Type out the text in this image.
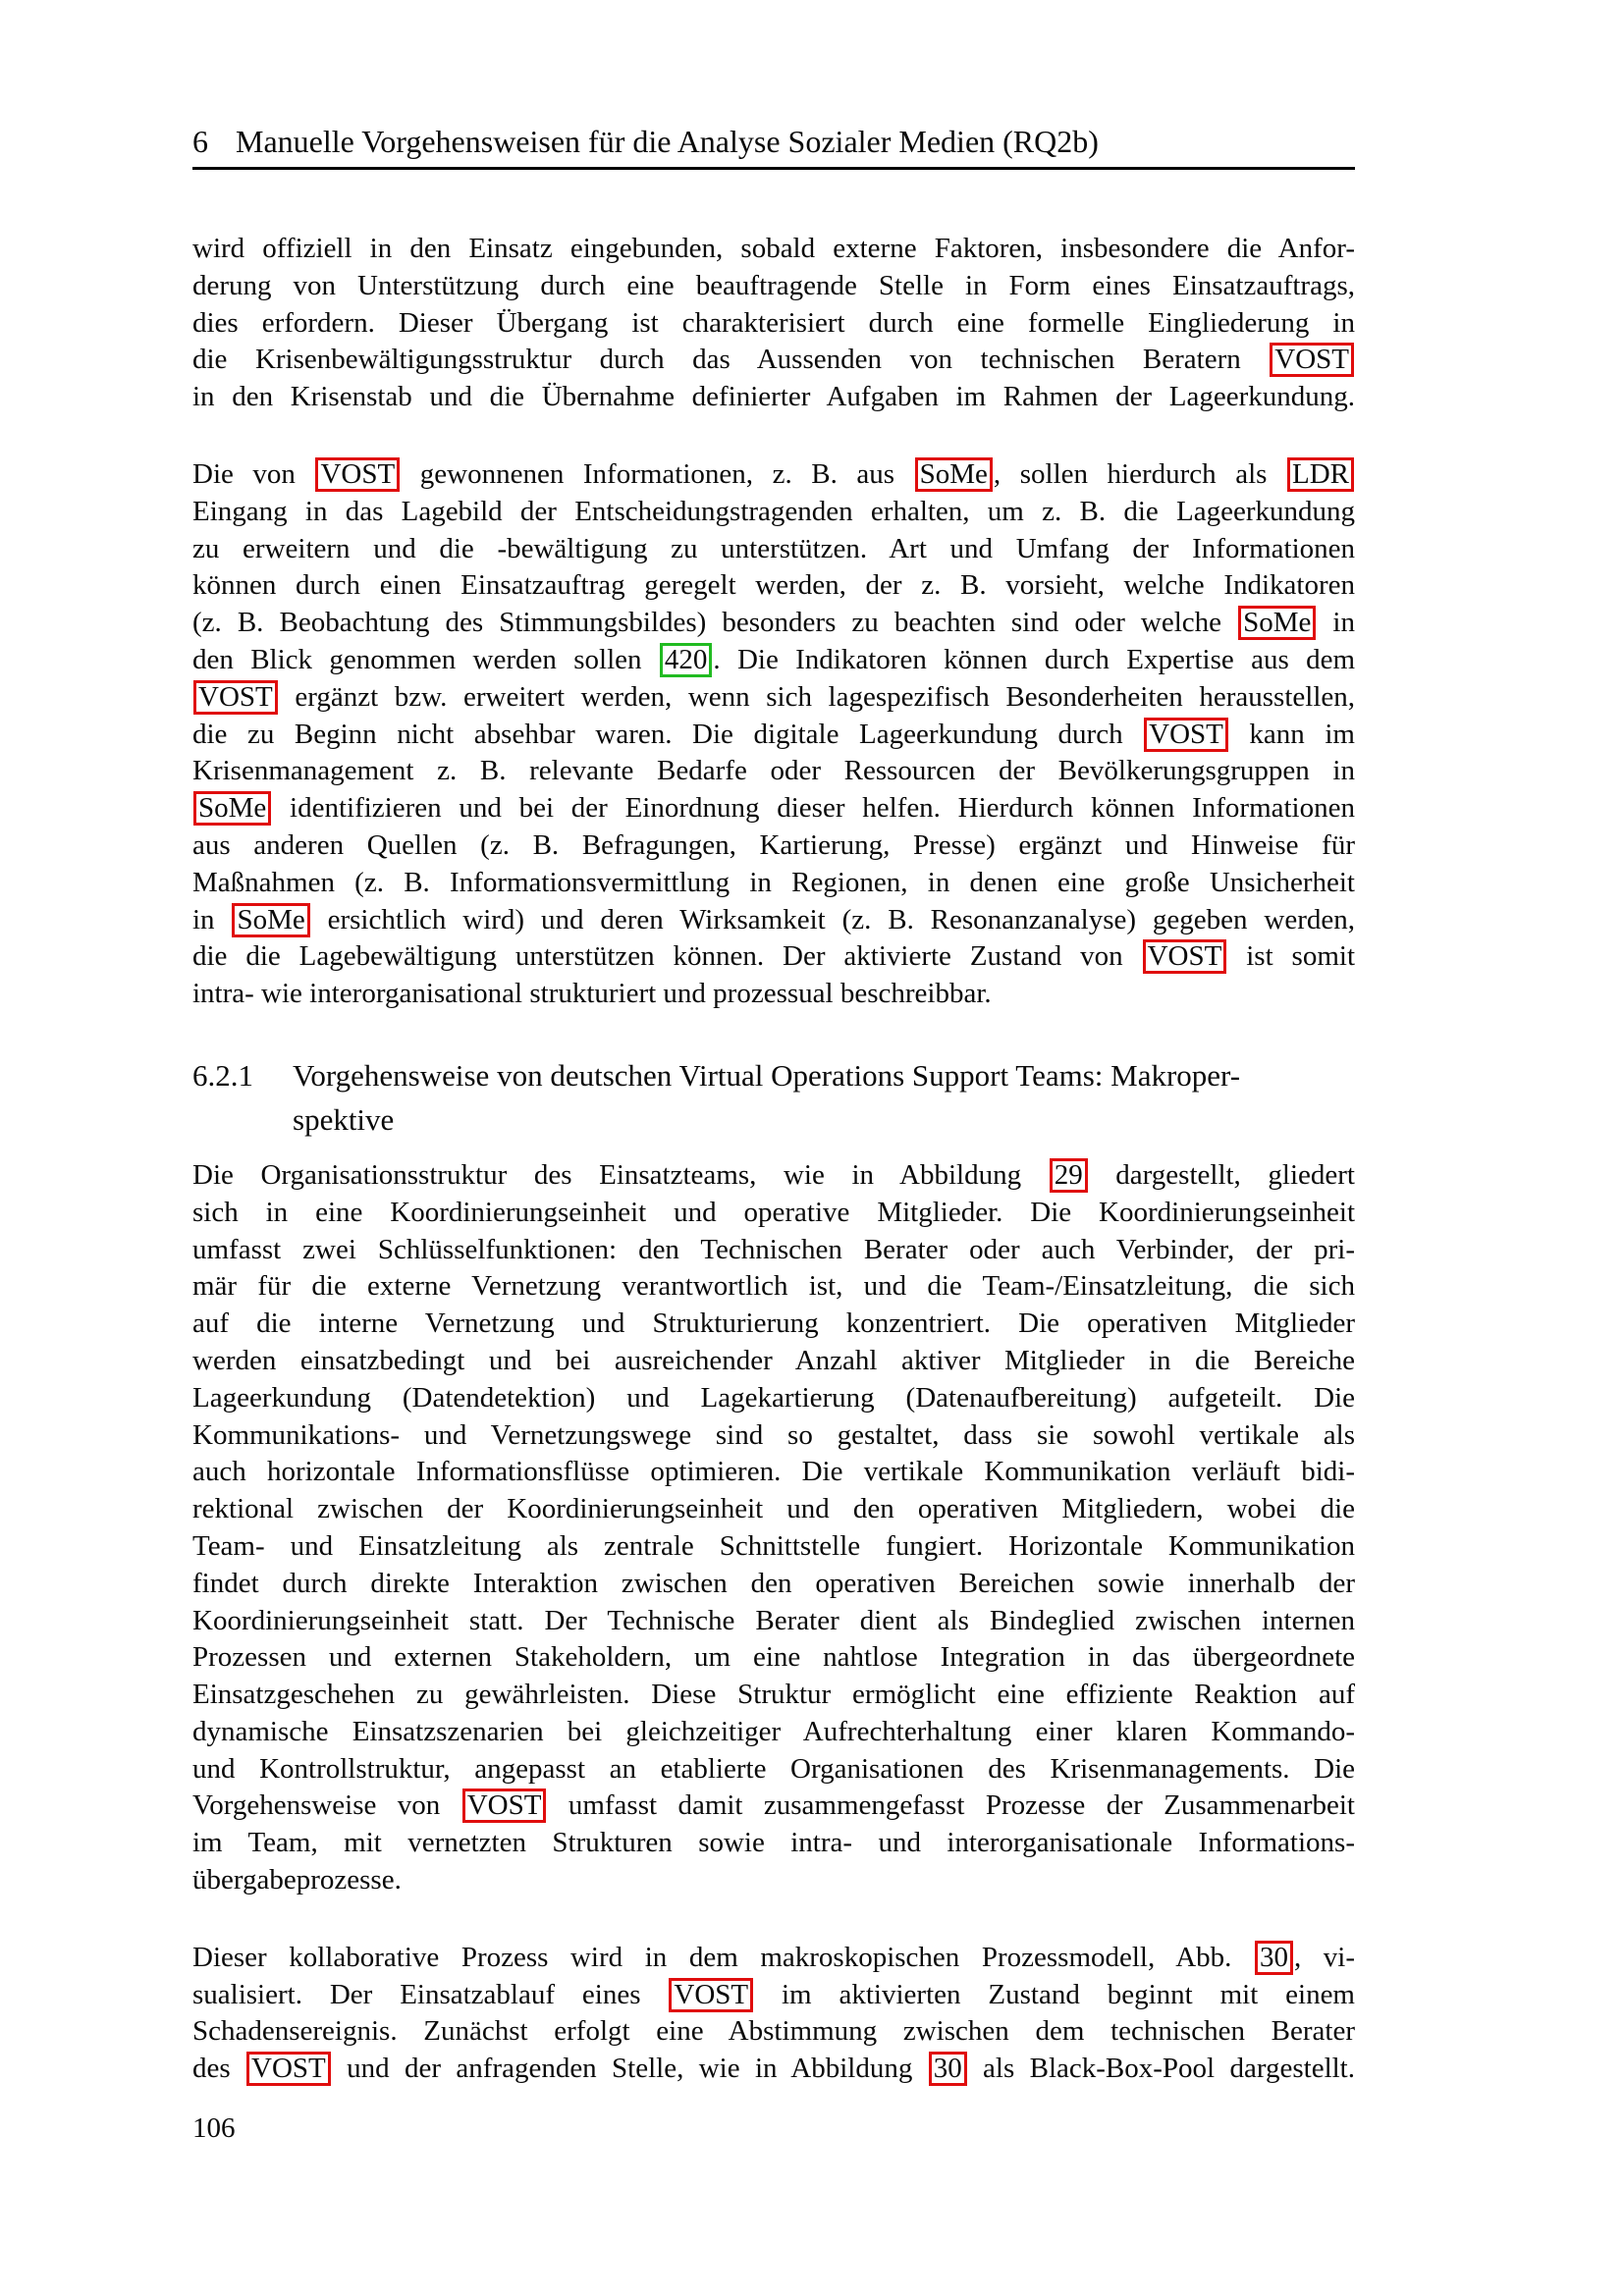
6 Manuelle Vorgehensweisen für die Analyse Sozialer Medien (RQ2b)
wird offiziell in den Einsatz eingebunden, sobald externe Faktoren, insbesondere die Anfor-
derung von Unterstützung durch eine beauftragende Stelle in Form eines Einsatzauftrags,
dies erfordern. Dieser Übergang ist charakterisiert durch eine formelle Eingliederung in
die Krisenbewältigungsstruktur durch das Aussenden von technischen Beratern VOST
in den Krisenstab und die Übernahme definierter Aufgaben im Rahmen der Lageerkundung.
Die von VOST gewonnenen Informationen, z. B. aus SoMe , sollen hierdurch als LDR
Eingang in das Lagebild der Entscheidungstragenden erhalten, um z. B. die Lageerkundung
zu erweitern und die -bewältigung zu unterstützen. Art und Umfang der Informationen
können durch einen Einsatzauftrag geregelt werden, der z. B. vorsieht, welche Indikatoren
(z. B. Beobachtung des Stimmungsbildes) besonders zu beachten sind oder welche SoMe in
den Blick genommen werden sollen 420 . Die Indikatoren können durch Expertise aus dem
VOST ergänzt bzw. erweitert werden, wenn sich lagespezifisch Besonderheiten herausstellen,
die zu Beginn nicht absehbar waren. Die digitale Lageerkundung durch VOST kann im
Krisenmanagement z. B. relevante Bedarfe oder Ressourcen der Bevölkerungsgruppen in
SoMe identifizieren und bei der Einordnung dieser helfen. Hierdurch können Informationen
aus anderen Quellen (z. B. Befragungen, Kartierung, Presse) ergänzt und Hinweise für
Maßnahmen (z. B. Informationsvermittlung in Regionen, in denen eine große Unsicherheit
in SoMe ersichtlich wird) und deren Wirksamkeit (z. B. Resonanzanalyse) gegeben werden,
die die Lagebewältigung unterstützen können. Der aktivierte Zustand von VOST ist somit
intra- wie interorganisational strukturiert und prozessual beschreibbar.
6.2.1	Vorgehensweise von deutschen Virtual Operations Support Teams: Makroper-
spektive
Die Organisationsstruktur des Einsatzteams, wie in Abbildung 29 dargestellt, gliedert
sich in eine Koordinierungseinheit und operative Mitglieder. Die Koordinierungseinheit
umfasst zwei Schlüsselfunktionen: den Technischen Berater oder auch Verbinder, der pri-
mär für die externe Vernetzung verantwortlich ist, und die Team-/Einsatzleitung, die sich
auf die interne Vernetzung und Strukturierung konzentriert. Die operativen Mitglieder
werden einsatzbedingt und bei ausreichender Anzahl aktiver Mitglieder in die Bereiche
Lageerkundung (Datendetektion) und Lagekartierung (Datenaufbereitung) aufgeteilt. Die
Kommunikations- und Vernetzungswege sind so gestaltet, dass sie sowohl vertikale als
auch horizontale Informationsflüsse optimieren. Die vertikale Kommunikation verläuft bidi-
rektional zwischen der Koordinierungseinheit und den operativen Mitgliedern, wobei die
Team- und Einsatzleitung als zentrale Schnittstelle fungiert. Horizontale Kommunikation
findet durch direkte Interaktion zwischen den operativen Bereichen sowie innerhalb der
Koordinierungseinheit statt. Der Technische Berater dient als Bindeglied zwischen internen
Prozessen und externen Stakeholdern, um eine nahtlose Integration in das übergeordnete
Einsatzgeschehen zu gewährleisten. Diese Struktur ermöglicht eine effiziente Reaktion auf
dynamische Einsatzszenarien bei gleichzeitiger Aufrechterhaltung einer klaren Kommando-
und Kontrollstruktur, angepasst an etablierte Organisationen des Krisenmanagements. Die
Vorgehensweise von VOST umfasst damit zusammengefasst Prozesse der Zusammenarbeit
im Team, mit vernetzten Strukturen sowie intra- und interorganisationale Informations-
übergabeprozesse.
Dieser kollaborative Prozess wird in dem makroskopischen Prozessmodell, Abb. 30 , vi-
sualisiert. Der Einsatzablauf eines VOST im aktivierten Zustand beginnt mit einem
Schadensereignis. Zunächst erfolgt eine Abstimmung zwischen dem technischen Berater
des VOST und der anfragenden Stelle, wie in Abbildung 30 als Black-Box-Pool dargestellt.
106
